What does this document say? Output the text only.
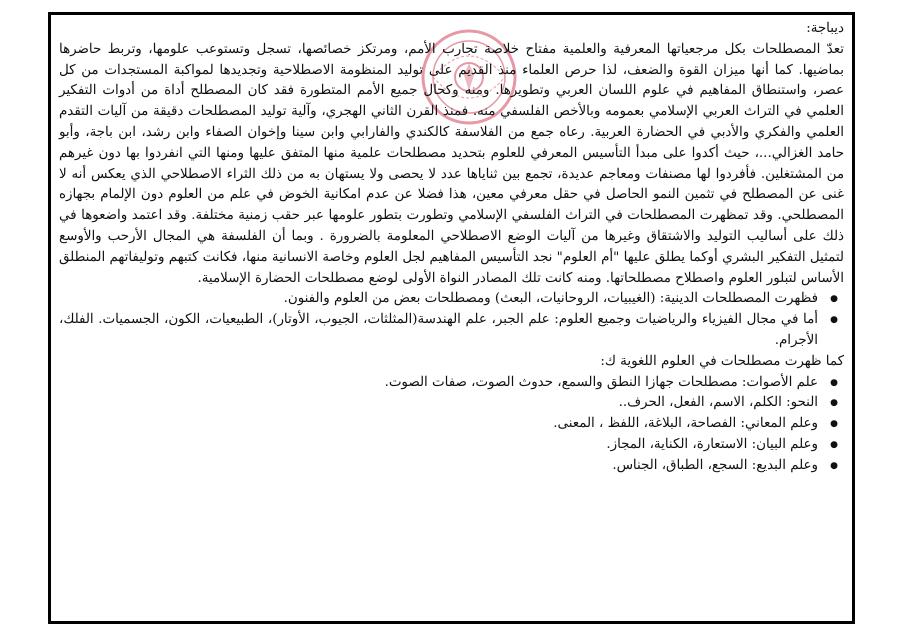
ديباجة:

تعدّ المصطلحات بكل مرجعياتها المعرفية والعلمية مفتاح خلاصة تجارب الأمم، ومرتكز خصائصها، تسجل وتستوعب علومها، وتربط حاضرها بماضيها. كما أنها ميزان القوة والضعف، لذا حرص العلماء منذ القديم على توليد المنظومة الاصطلاحية وتجديدها لمواكبة المستجدات من كل عصر، واستنطاق المفاهيم في علوم اللسان العربي وتطويرها. ومنه وكحال جميع الأمم المتطورة فقد كان المصطلح أداة من أدوات التفكير العلمي في التراث العربي الإسلامي بعمومه وبالأخص الفلسفي منه. فمنذ القرن الثاني الهجري، وآلية توليد المصطلحات دقيقة من آليات التقدم العلمي والفكري والأدبي في الحضارة العربية. رعاه جمع من الفلاسفة كالكندي والفارابي وابن سينا وإخوان الصفاء وابن رشد، ابن باجة، وأبو حامد الغزالي...، حيث أكدوا على مبدأ التأسيس المعرفي للعلوم بتحديد مصطلحات علمية منها المتفق عليها ومنها التي انفردوا بها دون غيرهم من المشتغلين. فأفردوا لها مصنفات ومعاجم عديدة، تجمع بين ثناياها عدد لا يحصى ولا يستهان به من ذلك الثراء الاصطلاحي الذي يعكس أنه لا غنى عن المصطلح في تثمين النمو الحاصل في حقل معرفي معين، هذا فضلا عن عدم امكانية الخوض في علم من العلوم دون الإلمام بجهازه المصطلحي. وقد تمظهرت المصطلحات في التراث الفلسفي الإسلامي وتطورت بتطور علومها عبر حقب زمنية مختلفة. وقد اعتمد واضعوها في ذلك على أساليب التوليد والاشتقاق وغيرها من آليات الوضع الاصطلاحي المعلومة بالضرورة . وبما أن الفلسفة هي المجال الأرحب والأوسع لتمثيل التفكير البشري أوكما يطلق عليها "أم العلوم" نجد التأسيس المفاهيم لجل العلوم وخاصة الانسانية منها، فكانت كتبهم وتوليفاتهم المنطلق الأساس لتبلور العلوم واصطلاح مصطلحاتها. ومنه كانت تلك المصادر النواة الأولى لوضع مصطلحات الحضارة الإسلامية.

● فظهرت المصطلحات الدينية: (الغيبيات، الروحانيات، البعث) ومصطلحات بعض من العلوم والفنون.
● أما في مجال الفيزياء والرياضيات وجميع العلوم: علم الجبر، علم الهندسة(المثلثات، الجيوب، الأوتار)، الطبيعيات، الكون، الجسميات. الفلك، الأجرام.

كما ظهرت مصطلحات في العلوم اللغوية ك:

● علم الأصوات: مصطلحات جهازا النطق والسمع، حدوث الصوت، صفات الصوت.
● النحو: الكلم، الاسم، الفعل، الحرف..
● وعلم المعاني: الفصاحة، البلاغة، اللفظ ، المعنى.
● وعلم البيان: الاستعارة، الكناية، المجاز.
● وعلم البديع: السجع، الطباق، الجناس.
